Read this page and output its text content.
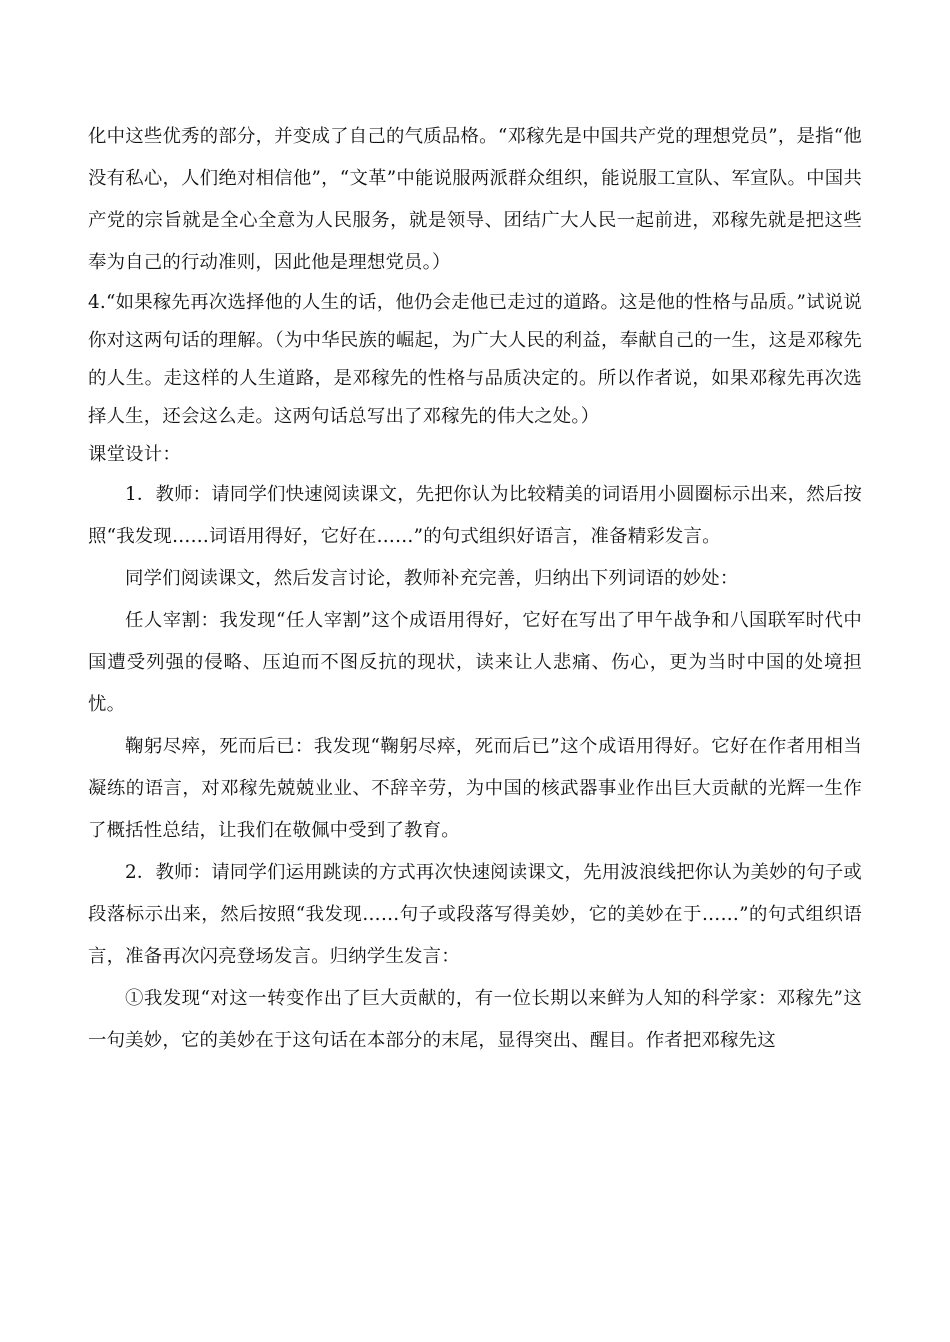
化中这些优秀的部分，并变成了自己的气质品格。“邓稼先是中国共产党的理想党员”，是指“他没有私心，人们绝对相信他”，“文革”中能说服两派群众组织，能说服工宣队、军宣队。中国共产党的宗旨就是全心全意为人民服务，就是领导、团结广大人民一起前进，邓稼先就是把这些奉为自己的行动准则，因此他是理想党员。）

4.“如果稼先再次选择他的人生的话，他仍会走他已走过的道路。这是他的性格与品质。”试说说你对这两句话的理解。（为中华民族的崛起，为广大人民的利益，奉献自己的一生，这是邓稼先的人生。走这样的人生道路，是邓稼先的性格与品质决定的。所以作者说，如果邓稼先再次选择人生，还会这么走。这两句话总写出了邓稼先的伟大之处。）

课堂设计：

1．教师：请同学们快速阅读课文，先把你认为比较精美的词语用小圆圈标示出来，然后按照“我发现……词语用得好，它好在……”的句式组织好语言，准备精彩发言。

同学们阅读课文，然后发言讨论，教师补充完善，归纳出下列词语的妙处：

任人宰割：我发现“任人宰割”这个成语用得好，它好在写出了甲午战争和八国联军时代中国遭受列强的侵略、压迫而不图反抗的现状，读来让人悲痛、伤心，更为当时中国的处境担忧。

鞠躬尽瘁，死而后已：我发现“鞠躬尽瘁，死而后已”这个成语用得好。它好在作者用相当凝练的语言，对邓稼先兢兢业业、不辞辛劳，为中国的核武器事业作出巨大贡献的光辉一生作了概括性总结，让我们在敬佩中受到了教育。

2．教师：请同学们运用跳读的方式再次快速阅读课文，先用波浪线把你认为美妙的句子或段落标示出来，然后按照“我发现……句子或段落写得美妙，它的美妙在于……”的句式组织语言，准备再次闪亮登场发言。归纳学生发言：

①我发现“对这一转变作出了巨大贡献的，有一位长期以来鲜为人知的科学家：邓稼先”这一句美妙，它的美妙在于这句话在本部分的末尾，显得突出、醒目。作者把邓稼先这
